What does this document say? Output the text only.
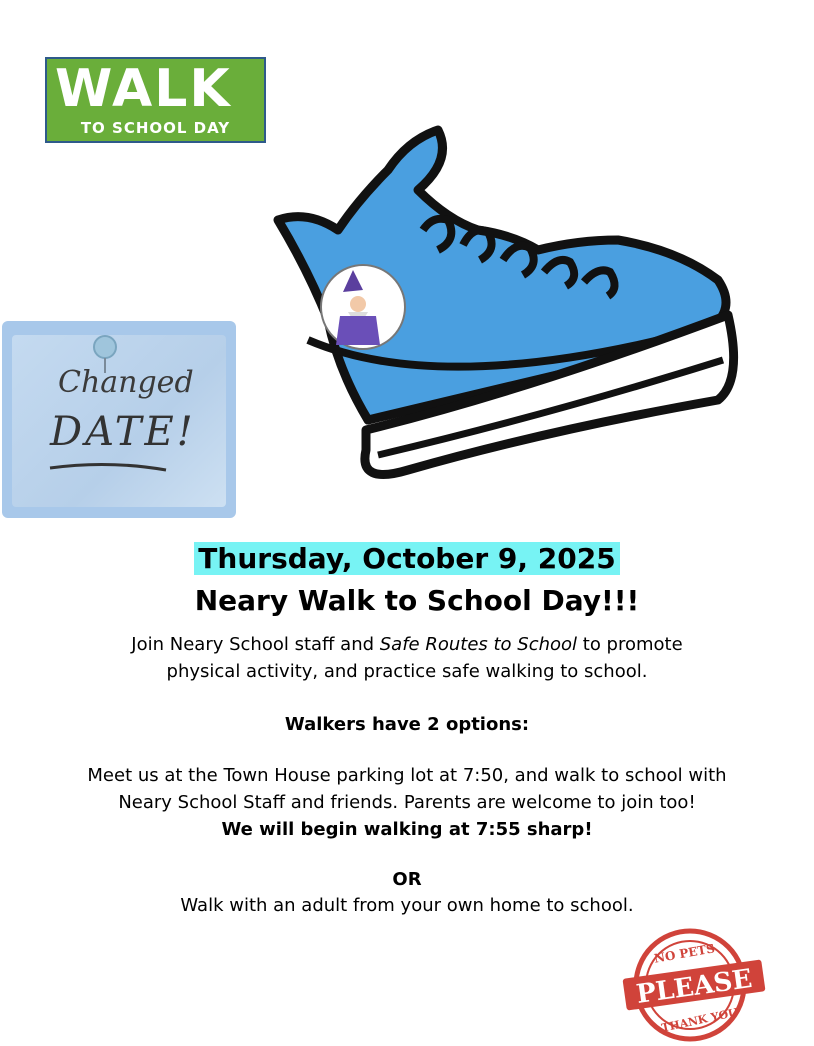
WALK
TO SCHOOL DAY
Changed
DATE!
Thursday, October 9, 2025
Neary Walk to School Day!!!
Join Neary School staff and Safe Routes to School to promote
physical activity, and practice safe walking to school.
Walkers have 2 options:
Meet us at the Town House parking lot at 7:50, and walk to school with
Neary School Staff and friends. Parents are welcome to join too!
We will begin walking at 7:55 sharp!
OR
Walk with an adult from your own home to school.
NO PETS
PLEASE
THANK YOU
